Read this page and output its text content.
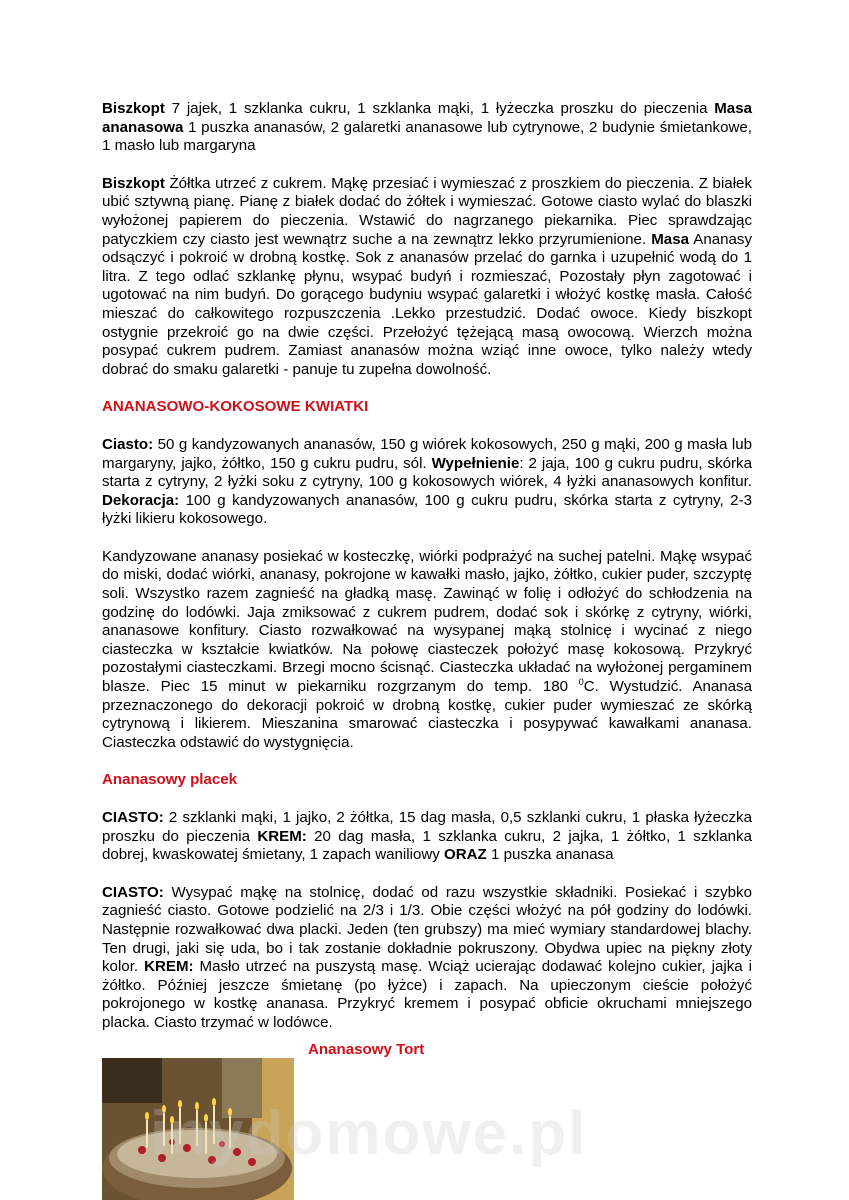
Biszkopt 7 jajek, 1 szklanka cukru, 1 szklanka mąki, 1 łyżeczka proszku do pieczenia Masa ananasowa 1 puszka ananasów, 2 galaretki ananasowe lub cytrynowe, 2 budynie śmietankowe, 1 masło lub margaryna

Biszkopt Żółtka utrzeć z cukrem. Mąkę przesiać i wymieszać z proszkiem do pieczenia. Z białek ubić sztywną pianę. Pianę z białek dodać do żółtek i wymieszać. Gotowe ciasto wylać do blaszki wyłożonej papierem do pieczenia. Wstawić do nagrzanego piekarnika. Piec sprawdzając patyczkiem czy ciasto jest wewnątrz suche a na zewnątrz lekko przyrumienione. Masa Ananasy odsączyć i pokroić w drobną kostkę. Sok z ananasów przelać do garnka i uzupełnić wodą do 1 litra. Z tego odlać szklankę płynu, wsypać budyń i rozmieszać, Pozostały płyn zagotować i ugotować na nim budyń. Do gorącego budyniu wsypać galaretki i włożyć kostkę masła. Całość mieszać do całkowitego rozpuszczenia .Lekko przestudzić. Dodać owoce. Kiedy biszkopt ostygnie przekroić go na dwie części. Przełożyć tężejącą masą owocową. Wierzch można posypać cukrem pudrem. Zamiast ananasów można wziąć inne owoce, tylko należy wtedy dobrać do smaku galaretki - panuje tu zupełna dowolność.

ANANASOWO-KOKOSOWE KWIATKI

Ciasto: 50 g kandyzowanych ananasów, 150 g wiórek kokosowych, 250 g mąki, 200 g masła lub margaryny, jajko, żółtko, 150 g cukru pudru, sól. Wypełnienie: 2 jaja, 100 g cukru pudru, skórka starta z cytryny, 2 łyżki soku z cytryny, 100 g kokosowych wiórek, 4 łyżki ananasowych konfitur. Dekoracja: 100 g kandyzowanych ananasów, 100 g cukru pudru, skórka starta z cytryny, 2-3 łyżki likieru kokosowego.

Kandyzowane ananasy posiekać w kosteczkę, wiórki podprażyć na suchej patelni. Mąkę wsypać do miski, dodać wiórki, ananasy, pokrojone w kawałki masło, jajko, żółtko, cukier puder, szczyptę soli. Wszystko razem zagnieść na gładką masę. Zawinąć w folię i odłożyć do schłodzenia na godzinę do lodówki. Jaja zmiksować z cukrem pudrem, dodać sok i skórkę z cytryny, wiórki, ananasowe konfitury. Ciasto rozwałkować na wysypanej mąką stolnicę i wycinać z niego ciasteczka w kształcie kwiatków. Na połowę ciasteczek położyć masę kokosową. Przykryć pozostałymi ciasteczkami. Brzegi mocno ścisnąć. Ciasteczka układać na wyłożonej pergaminem blasze. Piec 15 minut w piekarniku rozgrzanym do temp. 180 $^0$C. Wystudzić. Ananasa przeznaczonego do dekoracji pokroić w drobną kostkę, cukier puder wymieszać ze skórką cytrynową i likierem. Mieszanina smarować ciasteczka i posypywać kawałkami ananasa. Ciasteczka odstawić do wystygnięcia.

Ananasowy placek

CIASTO: 2 szklanki mąki, 1 jajko, 2 żółtka, 15 dag masła, 0,5 szklanki cukru, 1 płaska łyżeczka proszku do pieczenia KREM: 20 dag masła, 1 szklanka cukru, 2 jajka, 1 żółtko, 1 szklanka dobrej, kwaskowatej śmietany, 1 zapach waniliowy ORAZ 1 puszka ananasa

CIASTO: Wysypać mąkę na stolnicę, dodać od razu wszystkie składniki. Posiekać i szybko zagnieść ciasto. Gotowe podzielić na 2/3 i 1/3. Obie części włożyć na pół godziny do lodówki. Następnie rozwałkować dwa placki. Jeden (ten grubszy) ma mieć wymiary standardowej blachy. Ten drugi, jaki się uda, bo i tak zostanie dokładnie pokruszony. Obydwa upiec na piękny złoty kolor. KREM: Masło utrzeć na puszystą masę. Wciąż ucierając dodawać kolejno cukier, jajka i żółtko. Później jeszcze śmietanę (po łyżce) i zapach. Na upieczonym cieście położyć pokrojonego w kostkę ananasa. Przykryć kremem i posypać obficie okruchami mniejszego placka. Ciasto trzymać w lodówce.

Ananasowy Tort
inydomowe.pl
